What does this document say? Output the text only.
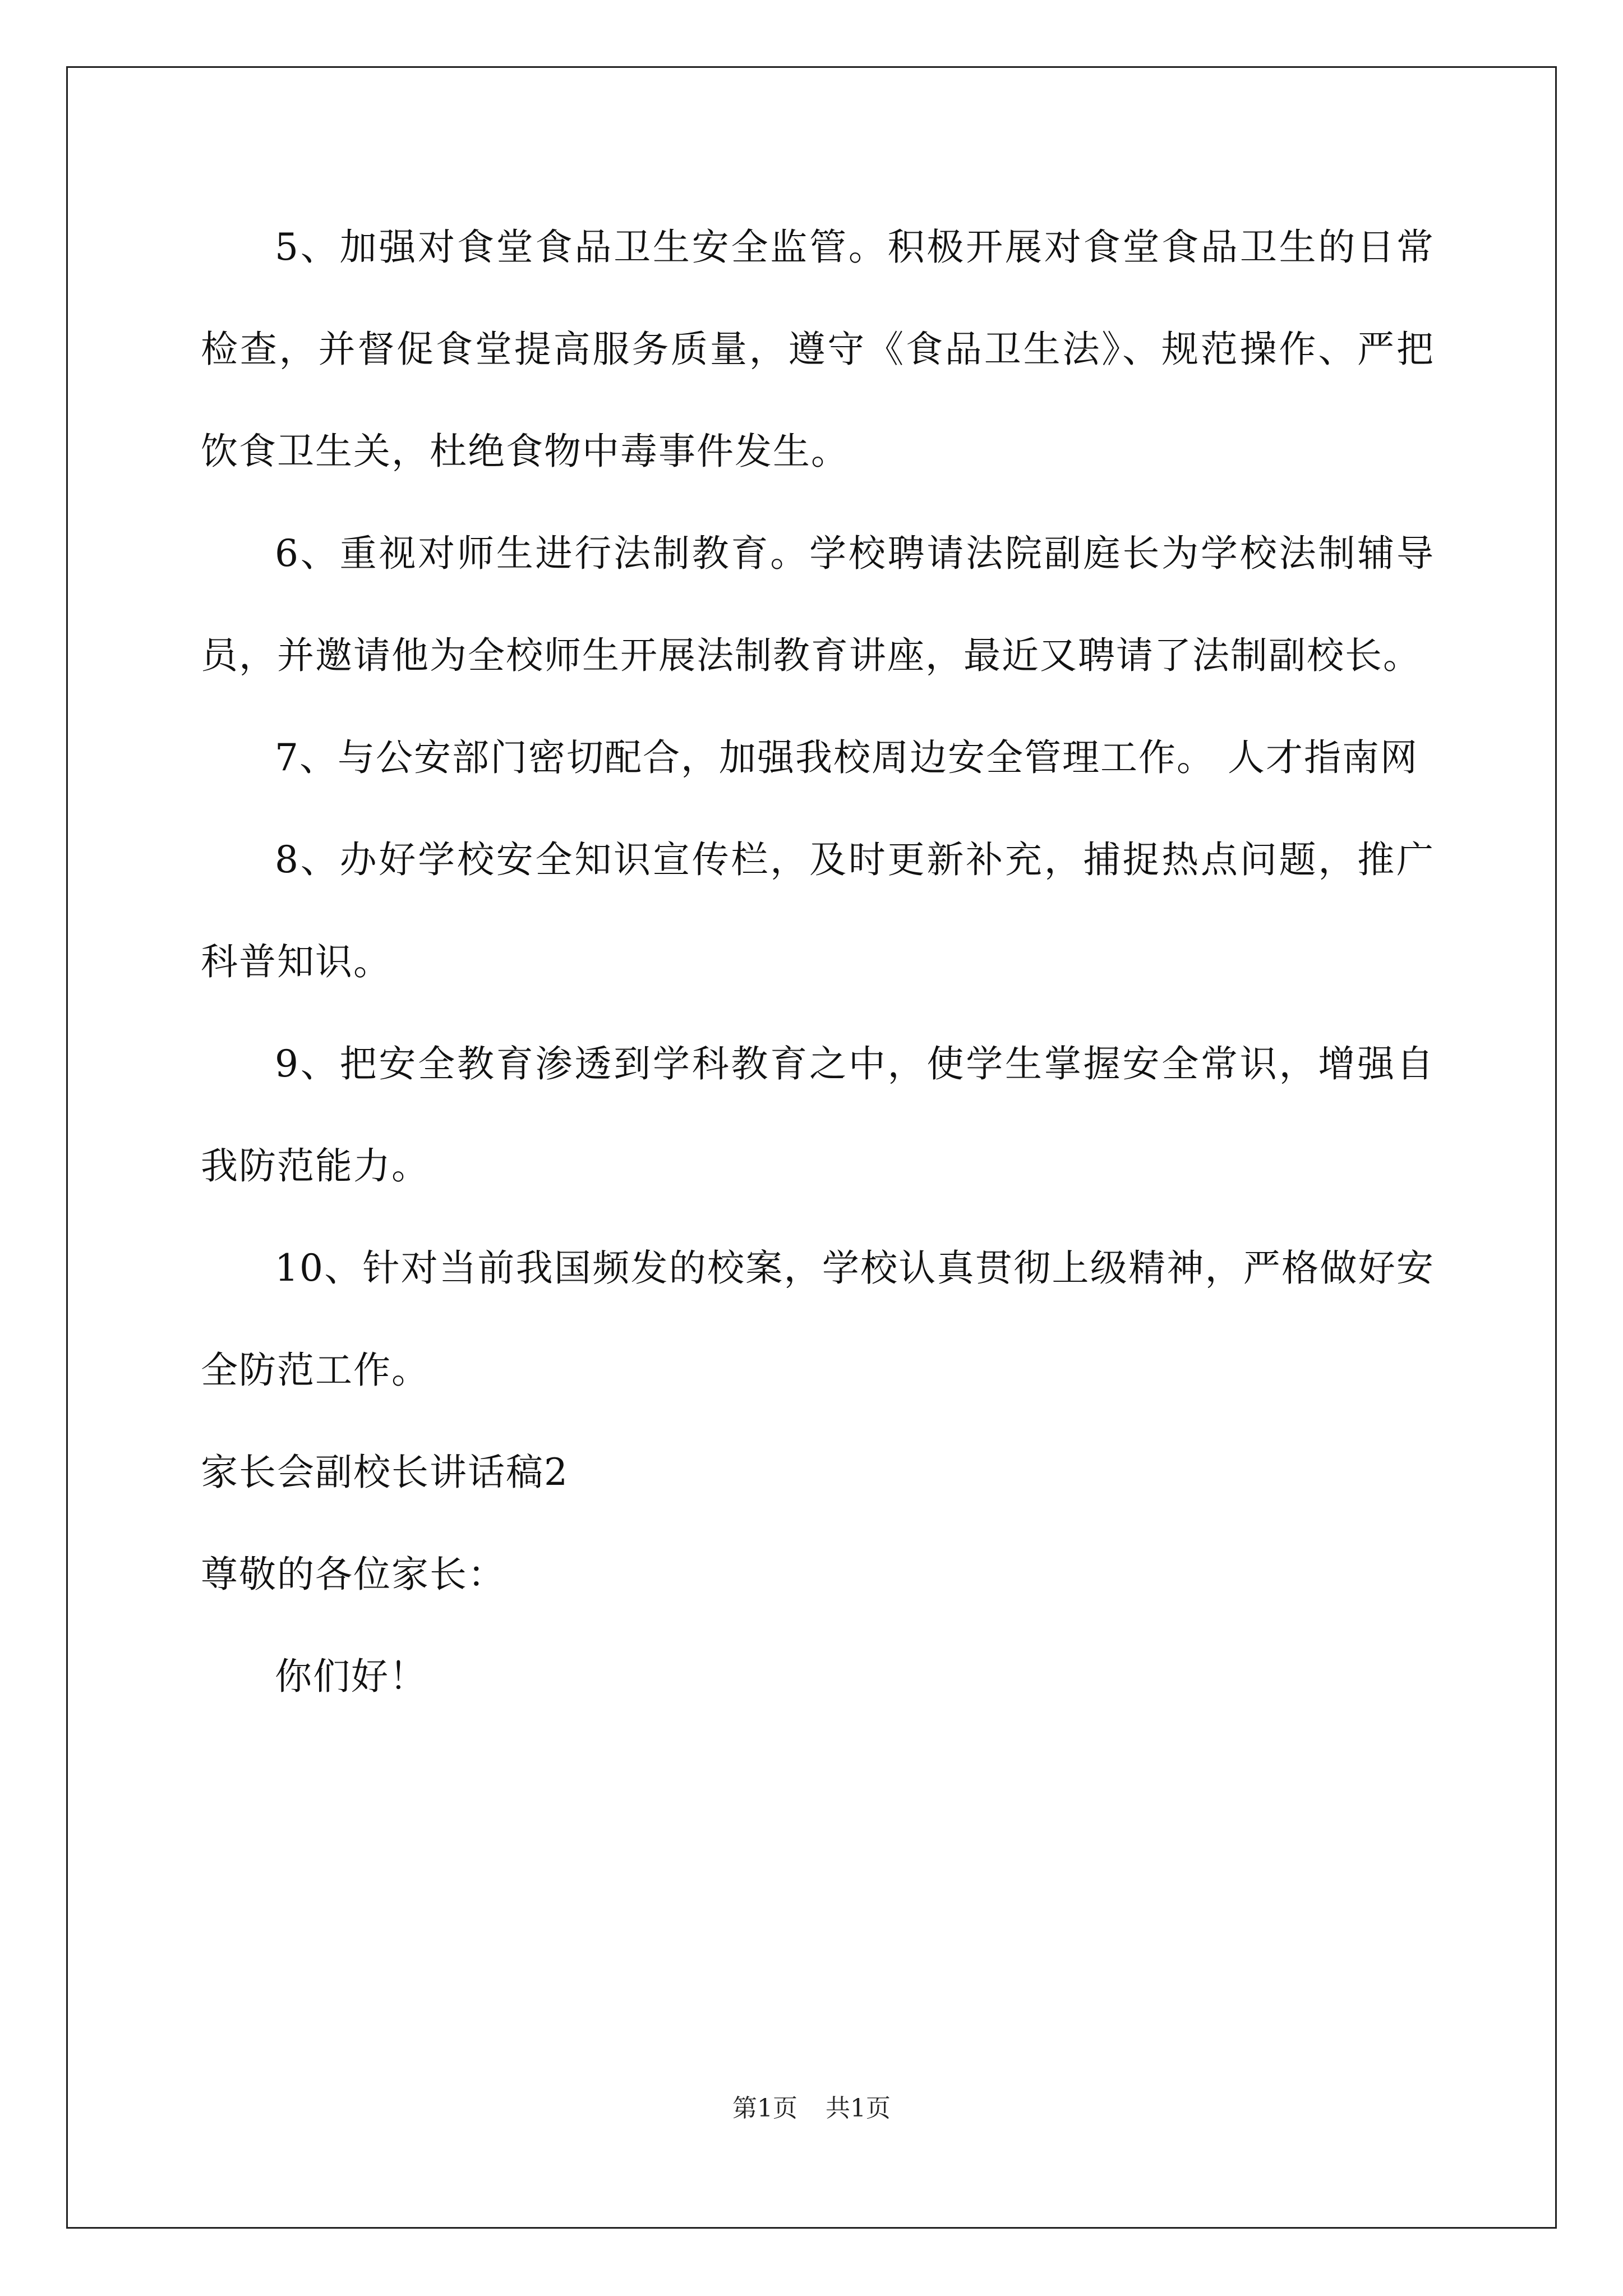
5、加强对食堂食品卫生安全监管。积极开展对食堂食品卫生的日常检查，并督促食堂提高服务质量，遵守《食品卫生法》、规范操作、严把饮食卫生关，杜绝食物中毒事件发生。

6、重视对师生进行法制教育。学校聘请法院副庭长为学校法制辅导员，并邀请他为全校师生开展法制教育讲座，最近又聘请了法制副校长。

7、与公安部门密切配合，加强我校周边安全管理工作。 人才指南网

8、办好学校安全知识宣传栏，及时更新补充，捕捉热点问题，推广科普知识。

9、把安全教育渗透到学科教育之中，使学生掌握安全常识，增强自我防范能力。

10、针对当前我国频发的校案，学校认真贯彻上级精神，严格做好安全防范工作。

家长会副校长讲话稿2

尊敬的各位家长：

你们好！

第1页 共1页
